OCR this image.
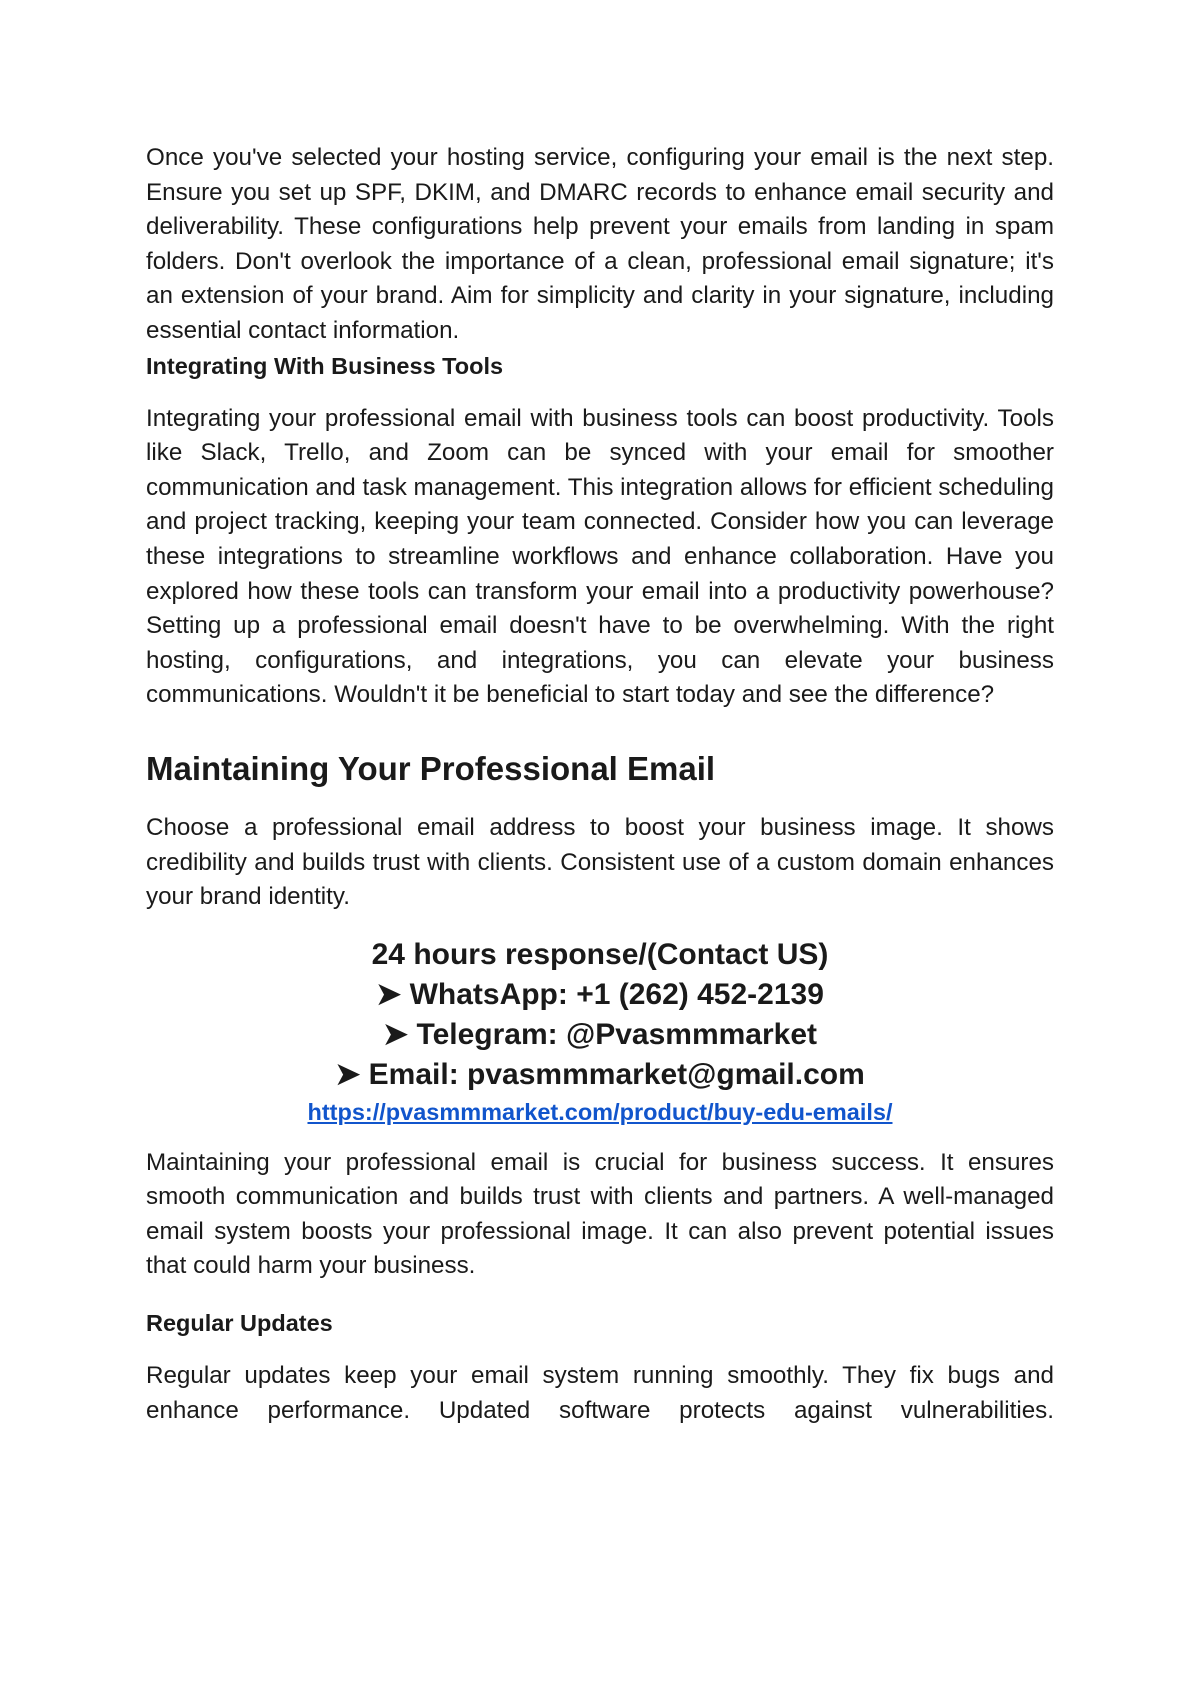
Once you've selected your hosting service, configuring your email is the next step. Ensure you set up SPF, DKIM, and DMARC records to enhance email security and deliverability. These configurations help prevent your emails from landing in spam folders. Don't overlook the importance of a clean, professional email signature; it's an extension of your brand. Aim for simplicity and clarity in your signature, including essential contact information.

Integrating With Business Tools

Integrating your professional email with business tools can boost productivity. Tools like Slack, Trello, and Zoom can be synced with your email for smoother communication and task management. This integration allows for efficient scheduling and project tracking, keeping your team connected. Consider how you can leverage these integrations to streamline workflows and enhance collaboration. Have you explored how these tools can transform your email into a productivity powerhouse? Setting up a professional email doesn't have to be overwhelming. With the right hosting, configurations, and integrations, you can elevate your business communications. Wouldn't it be beneficial to start today and see the difference?

Maintaining Your Professional Email

Choose a professional email address to boost your business image. It shows credibility and builds trust with clients. Consistent use of a custom domain enhances your brand identity.

24 hours response/(Contact US)
➤ WhatsApp: +1 (262) 452-2139
➤ Telegram: @Pvasmmmarket
➤ Email: pvasmmmarket@gmail.com
https://pvasmmmarket.com/product/buy-edu-emails/

Maintaining your professional email is crucial for business success. It ensures smooth communication and builds trust with clients and partners. A well-managed email system boosts your professional image. It can also prevent potential issues that could harm your business.

Regular Updates

Regular updates keep your email system running smoothly. They fix bugs and enhance performance. Updated software protects against vulnerabilities.
